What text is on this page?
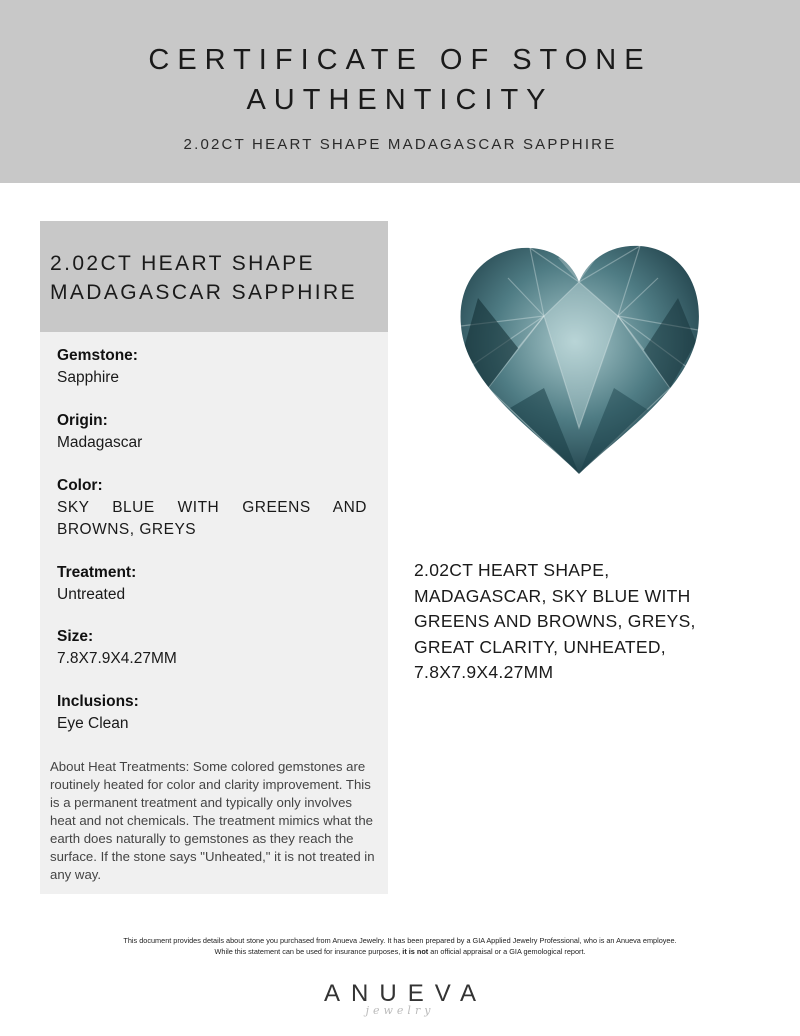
CERTIFICATE OF STONE
AUTHENTICITY
2.02CT HEART SHAPE MADAGASCAR SAPPHIRE
2.02CT HEART SHAPE
MADAGASCAR SAPPHIRE
Gemstone:
Sapphire
Origin:
Madagascar
Color:
SKY BLUE WITH GREENS AND BROWNS, GREYS
Treatment:
Untreated
Size:
7.8X7.9X4.27MM
Inclusions:
Eye Clean
About Heat Treatments: Some colored gemstones are routinely heated for color and clarity improvement. This is a permanent treatment and typically only involves heat and not chemicals. The treatment mimics what the earth does naturally to gemstones as they reach the surface. If the stone says "Unheated," it is not treated in any way.
2.02CT HEART SHAPE, MADAGASCAR, SKY BLUE WITH GREENS AND BROWNS, GREYS, GREAT CLARITY, UNHEATED, 7.8X7.9X4.27MM
This document provides details about stone you purchased from Anueva Jewelry. It has been prepared by a GIA Applied Jewelry Professional, who is an Anueva employee.
While this statement can be used for insurance purposes, it is not an official appraisal or a GIA gemological report.
ANUEVA
jewelry
